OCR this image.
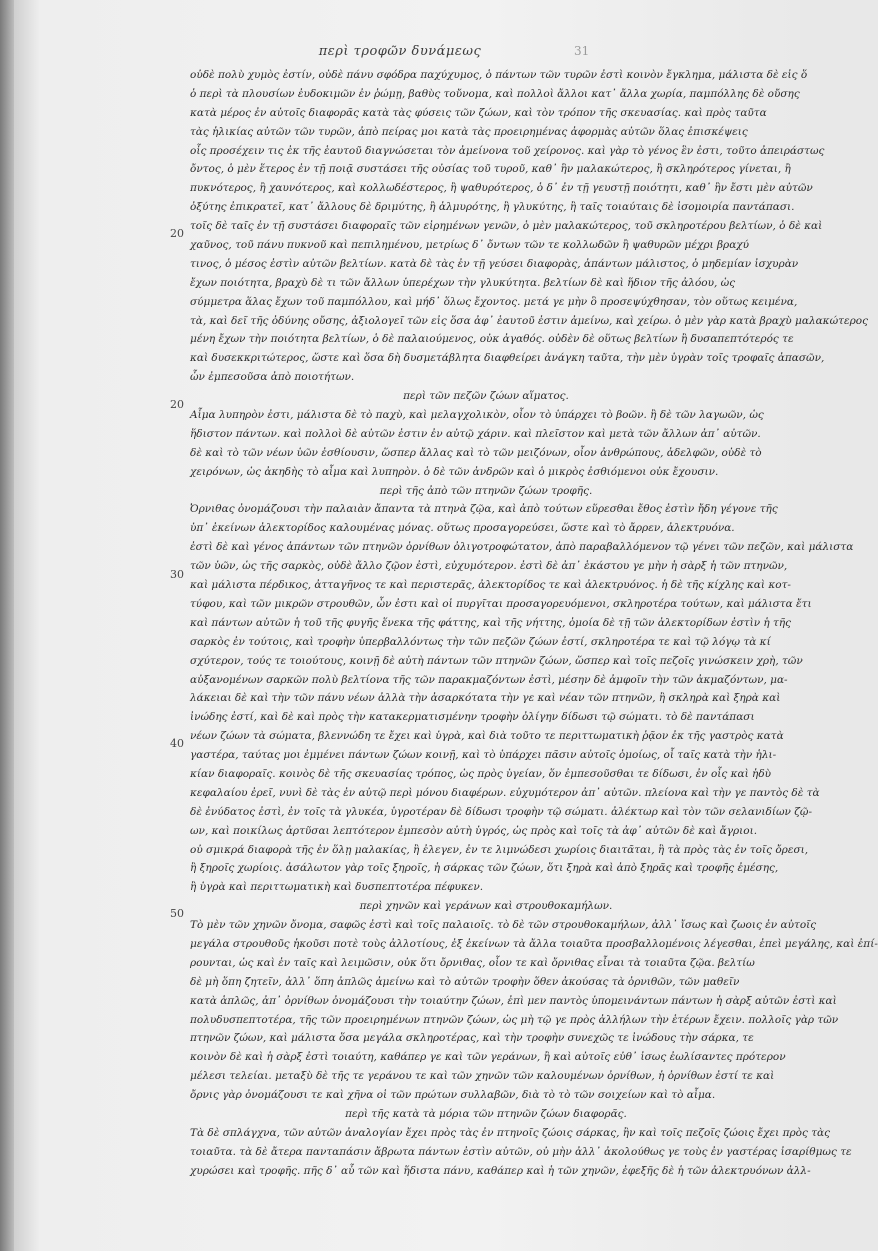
περὶ τροφῶν δυνάμεως	31
20
20
30
40
50
οὐδὲ πολὺ χυμὸς ἐστίν, οὐδὲ πάνυ σφόδρα παχύχυμος, ὁ πάντων τῶν τυρῶν ἐστὶ κοινὸν ἔγκλημα, μάλιστα δὲ εἰς ὅ
ὁ περὶ τὰ πλουσίων ἐυδοκιμῶν ἐν ῥώμῃ, βαθὺς τοὔνομα, καὶ πολλοὶ ἄλλοι κατ᾽ ἄλλα χωρία, παμπόλλης δὲ οὔσης
κατὰ μέρος ἐν αὐτοῖς διαφορᾶς κατὰ τὰς φύσεις τῶν ζώων, καὶ τὸν τρόπον τῆς σκευασίας. καὶ πρὸς ταῦτα
τὰς ἡλικίας αὐτῶν τῶν τυρῶν, ἀπὸ πείρας μοι κατὰ τὰς προειρημένας ἀφορμὰς αὐτῶν ὅλας ἐπισκέψεις
οἷς προσέχειν τις ἐκ τῆς ἑαυτοῦ διαγνώσεται τὸν ἀμείνονα τοῦ χείρονος. καὶ γὰρ τὸ γένος ἓν ἐστι, τοῦτο ἀπειράστως
ὄντος, ὁ μὲν ἕτερος ἐν τῇ ποιᾷ συστάσει τῆς οὐσίας τοῦ τυροῦ, καθ᾽ ἣν μαλακώτερος, ἢ σκληρότερος γίνεται, ἢ
πυκνότερος, ἢ χαυνότερος, καὶ κολλωδέστερος, ἢ ψαθυρότερος, ὁ δ᾽ ἐν τῇ γευστῇ ποιότητι, καθ᾽ ἣν ἔστι μὲν αὐτῶν
ὀξύτης ἐπικρατεῖ, κατ᾽ ἄλλους δὲ δριμύτης, ἢ ἁλμυρότης, ἢ γλυκύτης, ἢ ταῖς τοιαύταις δὲ ἰσομοιρία παντάπασι.
τοῖς δὲ ταῖς ἐν τῇ συστάσει διαφοραῖς τῶν εἰρημένων γενῶν, ὁ μὲν μαλακώτερος, τοῦ σκληροτέρου βελτίων, ὁ δὲ καὶ
χαῦνος, τοῦ πάνυ πυκνοῦ καὶ πεπιλημένου, μετρίως δ᾽ ὄντων τῶν τε κολλωδῶν ἢ ψαθυρῶν μέχρι βραχύ
τινος, ὁ μέσος ἐστὶν αὐτῶν βελτίων. κατὰ δὲ τὰς ἐν τῇ γεύσει διαφορὰς, ἁπάντων μάλιστος, ὁ μηδεμίαν ἰσχυρὰν
ἔχων ποιότητα, βραχὺ δὲ τι τῶν ἄλλων ὑπερέχων τὴν γλυκύτητα. βελτίων δὲ καὶ ἥδιον τῆς ἀλόου, ὡς
σύμμετρα ἅλας ἔχων τοῦ παμπόλλου, καὶ μήδ᾽ ὅλως ἔχοντος. μετά γε μὴν ὃ προσεψύχθησαν, τὸν οὕτως κειμένα,
τὰ, καὶ δεῖ τῆς ὀδύνης οὔσης, ἀξιολογεῖ τῶν εἰς ὅσα ἀφ᾽ ἑαυτοῦ ἐστιν ἀμείνω, καὶ χείρω. ὁ μὲν γὰρ κατὰ βραχὺ μαλακώτερος
μένη ἔχων τὴν ποιότητα βελτίων, ὁ δὲ παλαιούμενος, οὐκ ἀγαθός. οὐδὲν δὲ οὕτως βελτίων ἢ δυσαπεπτότερός τε
καὶ δυσεκκριτώτερος, ὥστε καὶ ὅσα δὴ δυσμετάβλητα διαφθείρει ἀνάγκη ταῦτα, τὴν μὲν ὑγρὰν τοῖς τροφαῖς ἀπασῶν,
ὧν ἐμπεσοῦσα ἀπὸ ποιοτήτων.
περὶ τῶν πεζῶν ζώων αἵματος.
Αἷμα λυπηρὸν ἐστι, μάλιστα δὲ τὸ παχὺ, καὶ μελαγχολικὸν, οἷον τὸ ὑπάρχει τὸ βοῶν. ἢ δὲ τῶν λαγωῶν, ὡς
ἥδιστον πάντων. καὶ πολλοὶ δὲ αὐτῶν ἐστιν ἐν αὐτῷ χάριν. καὶ πλεῖστον καὶ μετὰ τῶν ἄλλων ἀπ᾽ αὐτῶν.
δὲ καὶ τὸ τῶν νέων ὑῶν ἐσθίουσιν, ὥσπερ ἄλλας καὶ τὸ τῶν μειζόνων, οἶον ἀνθρώπους, ἀδελφῶν, οὐδὲ τὸ
χειρόνων, ὡς ἀκηδὴς τὸ αἷμα καὶ λυπηρὸν. ὁ δὲ τῶν ἀνδρῶν καὶ ὁ μικρὸς ἐσθιόμενοι οὐκ ἔχουσιν.
περὶ τῆς ἀπὸ τῶν πτηνῶν ζώων τροφῆς.
Ὀρνιθας ὀνομάζουσι τὴν παλαιὰν ἄπαντα τὰ πτηνὰ ζῷα, καὶ ἀπὸ τούτων εὕρεσθαι ἔθος ἐστὶν ἤδη γέγονε τῆς
ὑπ᾽ ἐκείνων ἀλεκτορίδος καλουμένας μόνας. οὕτως προσαγορεύσει, ὥστε καὶ τὸ ἄρρεν, ἀλεκτρυόνα.
ἐστὶ δὲ καὶ γένος ἁπάντων τῶν πτηνῶν ὀρνίθων ὀλιγοτροφώτατον, ἀπὸ παραβαλλόμενον τῷ γένει τῶν πεζῶν, καὶ μάλιστα
τῶν ὑῶν, ὡς τῆς σαρκὸς, οὐδὲ ἄλλο ζῷον ἐστὶ, εὐχυμότερον. ἐστὶ δὲ ἀπ᾽ ἑκάστου γε μὴν ἡ σὰρξ ἡ τῶν πτηνῶν,
καὶ μάλιστα πέρδικος, ἀτταγῆνος τε καὶ περιστερᾶς, ἀλεκτορίδος τε καὶ ἀλεκτρυόνος. ἡ δὲ τῆς κίχλης καὶ κοτ-
τύφου, καὶ τῶν μικρῶν στρουθῶν, ὧν ἐστι καὶ οἱ πυργῖται προσαγορευόμενοι, σκληροτέρα τούτων, καὶ μάλιστα ἔτι
καὶ πάντων αὐτῶν ἡ τοῦ τῆς φυγῆς ἕνεκα τῆς φάττης, καὶ τῆς νήττης, ὁμοία δὲ τῇ τῶν ἀλεκτορίδων ἐστὶν ἡ τῆς
σαρκὸς ἐν τούτοις, καὶ τροφὴν ὑπερβαλλόντως τὴν τῶν πεζῶν ζώων ἐστί, σκληροτέρα τε καὶ τῷ λόγῳ τὰ κί
σχύτερον, τούς τε τοιούτους, κοινῇ δὲ αὐτὴ πάντων τῶν πτηνῶν ζώων, ὥσπερ καὶ τοῖς πεζοῖς γινώσκειν χρὴ, τῶν
αὐξανομένων σαρκῶν πολὺ βελτίονα τῆς τῶν παρακμαζόντων ἐστὶ, μέσην δὲ ἀμφοῖν τὴν τῶν ἀκμαζόντων, μα-
λάκειαι δὲ καὶ τὴν τῶν πάνυ νέων ἀλλὰ τὴν ἀσαρκότατα τὴν γε καὶ νέαν τῶν πτηνῶν, ἢ σκληρὰ καὶ ξηρὰ καὶ
ἰνώδης ἐστί, καὶ δὲ καὶ πρὸς τὴν κατακερματισμένην τροφὴν ὀλίγην δίδωσι τῷ σώματι. τὸ δὲ παντάπασι
νέων ζώων τὰ σώματα, βλεννώδη τε ἔχει καὶ ὑγρὰ, καὶ διὰ τοῦτο τε περιττωματικὴ ῥᾷον ἐκ τῆς γαστρὸς κατὰ
γαστέρα, ταύτας μοι ἐμμένει πάντων ζώων κοινῇ, καὶ τὸ ὑπάρχει πᾶσιν αὐτοῖς ὁμοίως, οἷ ταῖς κατὰ τὴν ἡλι-
κίαν διαφοραῖς. κοινὸς δὲ τῆς σκευασίας τρόπος, ὡς πρὸς ὑγείαν, ὅν ἐμπεσοῦσθαι τε δίδωσι, ἐν οἷς καὶ ἡδὺ
κεφαλαίου ἐρεῖ, νυνὶ δὲ τὰς ἐν αὐτῷ περὶ μόνου διαφέρων. εὐχυμότερον ἀπ᾽ αὐτῶν. πλείονα καὶ τὴν γε παντὸς δὲ τὰ
δὲ ἐνύδατος ἐστὶ, ἐν τοῖς τὰ γλυκέα, ὑγροτέραν δὲ δίδωσι τροφὴν τῷ σώματι. ἀλέκτωρ καὶ τὸν τῶν σελανιδίων ζῷ-
ων, καὶ ποικίλως ἀρτῦσαι λεπτότερον ἐμπεσὸν αὐτὴ ὑγρός, ὡς πρὸς καὶ τοῖς τὰ ἀφ᾽ αὐτῶν δὲ καὶ ἄγριοι.
οὐ σμικρά διαφορὰ τῆς ἐν ὅλῃ μαλακίας, ἢ ἐλεγεν, ἐν τε λιμνώδεσι χωρίοις διαιτᾶται, ἣ τὰ πρὸς τὰς ἐν τοῖς ὄρεσι,
ἢ ξηροῖς χωρίοις. ἀσάλωτον γὰρ τοῖς ξηροῖς, ἡ σάρκας τῶν ζώων, ὅτι ξηρὰ καὶ ἀπὸ ξηρᾶς καὶ τροφῆς ἐμέσης,
ἢ ὑγρὰ καὶ περιττωματικὴ καὶ δυσπεπτοτέρα πέφυκεν.
περὶ χηνῶν καὶ γεράνων καὶ στρουθοκαμήλων.
Τὸ μὲν τῶν χηνῶν ὄνομα, σαφῶς ἐστὶ καὶ τοῖς παλαιοῖς. τὸ δὲ τῶν στρουθοκαμήλων, ἀλλ᾽ ἴσως καὶ ζωοις ἐν αὐτοῖς
μεγάλα στρουθοῦς ἡκοῦσι ποτὲ τοὺς ἀλλοτίους, ἐξ ἐκείνων τὰ ἄλλα τοιαῦτα προσβαλλομένοις λέγεσθαι, ἐπεὶ μεγάλης, καὶ ἐπί-
ρουνται, ὡς καὶ ἐν ταῖς καὶ λειμῶσιν, οὐκ ὅτι ὄρνιθας, οἷον τε καὶ ὄρνιθας εἶναι τὰ τοιαῦτα ζῷα. βελτίω
δὲ μὴ ὅπη ζητεῖν, ἀλλ᾽ ὅπη ἀπλῶς ἀμείνω καὶ τὸ αὐτῶν τροφὴν ὅθεν ἀκούσας τὰ ὀρνιθῶν, τῶν μαθεῖν
κατὰ ἁπλῶς, ἀπ᾽ ὀρνίθων ὀνομάζουσι τὴν τοιαύτην ζώων, ἐπὶ μεν παντὸς ὑπομεινάντων πάντων ἡ σὰρξ αὐτῶν ἐστὶ καὶ
πολυδυσπεπτοτέρα, τῆς τῶν προειρημένων πτηνῶν ζώων, ὡς μὴ τῷ γε πρὸς ἀλλήλων τὴν ἑτέρων ἔχειν. πολλοῖς γὰρ τῶν
πτηνῶν ζώων, καὶ μάλιστα ὅσα μεγάλα σκληροτέρας, καὶ τὴν τροφὴν συνεχῶς τε ἰνώδους τὴν σάρκα, τε
κοινὸν δὲ καὶ ἡ σὰρξ ἐστὶ τοιαύτη, καθάπερ γε καὶ τῶν γεράνων, ἢ καὶ αὐτοῖς εὐθ᾽ ἰσως ἐωλίσαντες πρότερον
μέλεσι τελείαι. μεταξὺ δὲ τῆς τε γεράνου τε καὶ τῶν χηνῶν τῶν καλουμένων ὀρνίθων, ἡ ὀρνίθων ἐστί τε καὶ
ὄρνις γὰρ ὀνομάζουσι τε καὶ χῆνα οἱ τῶν πρώτων συλλαβῶν, διὰ τὸ τὸ τῶν σοιχείων καὶ τὸ αἷμα.
περὶ τῆς κατὰ τὰ μόρια τῶν πτηνῶν ζώων διαφορᾶς.
Τὰ δὲ σπλάγχνα, τῶν αὐτῶν ἀναλογίαν ἔχει πρὸς τὰς ἐν πτηνοῖς ζώοις σάρκας, ἢν καὶ τοῖς πεζοῖς ζώοις ἔχει πρὸς τὰς
τοιαῦτα. τὰ δὲ ἄτερα πανταπάσιν ἄβρωτα πάντων ἐστὶν αὐτῶν, οὐ μὴν ἀλλ᾽ ἀκολούθως γε τοὺς ἐν γαστέρας ἰσαρίθμως τε
χυρώσει καὶ τροφῆς. πῆς δ᾽ αὖ τῶν καὶ ἥδιστα πάνυ, καθάπερ καὶ ἡ τῶν χηνῶν, ἐφεξῆς δὲ ἡ τῶν ἀλεκτρυόνων ἀλλ-
